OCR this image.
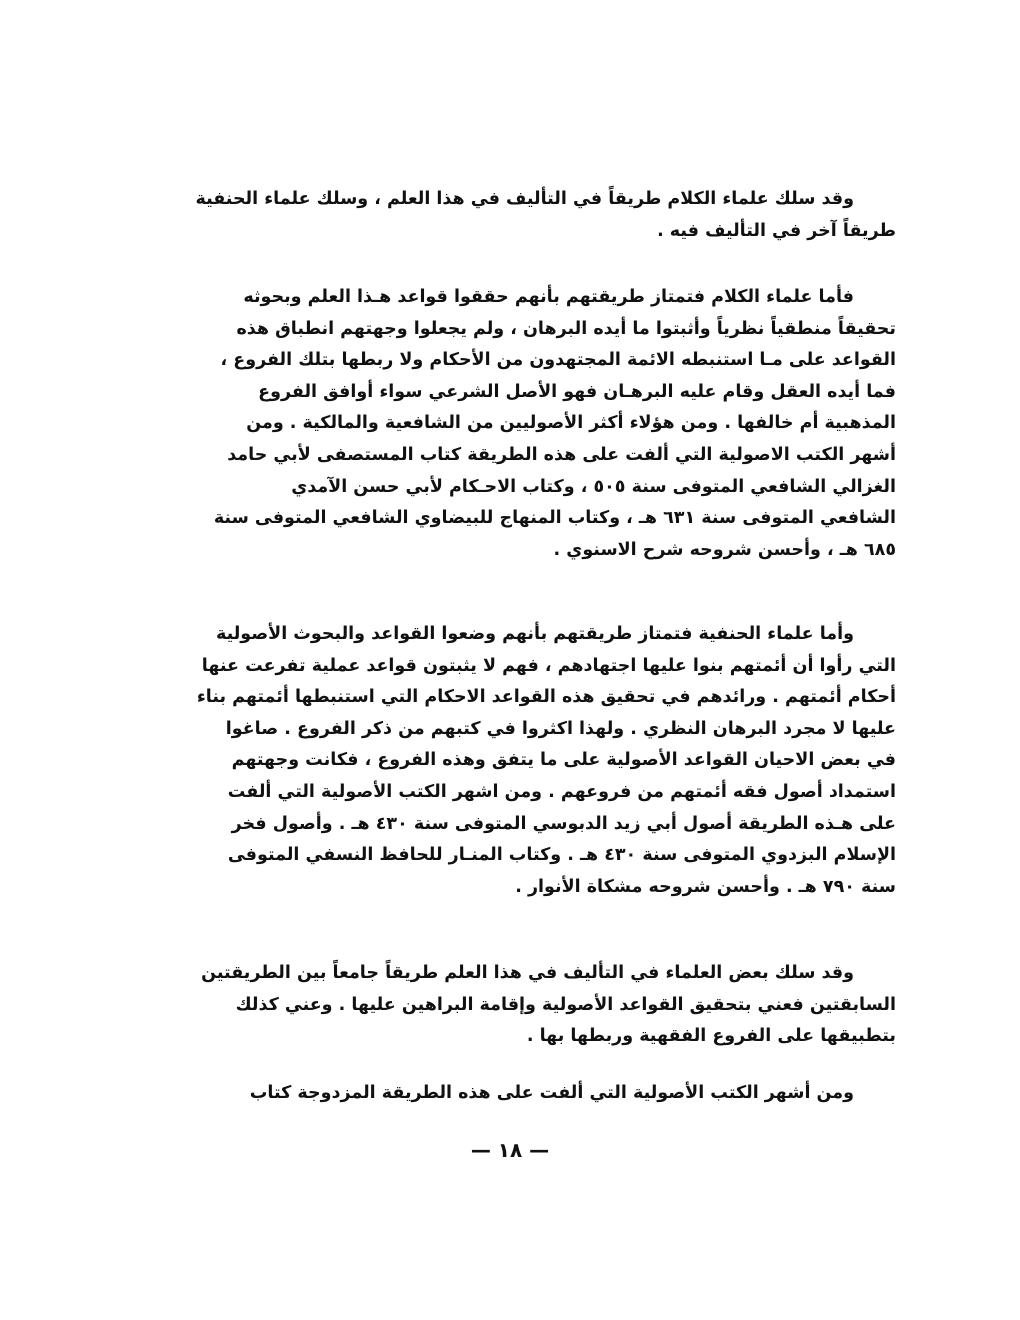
وقد سلك علماء الكلام طريقاً في التأليف في هذا العلم ، وسلك علماء الحنفية
طريقاً آخر في التأليف فيه .
فأما علماء الكلام فتمتاز طريقتهم بأنهم حققوا قواعد هـذا العلم وبحوثه
تحقيقاً منطقياً نظرياً وأثبتوا ما أيده البرهان ، ولم يجعلوا وجهتهم انطباق هذه
القواعد على مـا استنبطه الائمة المجتهدون من الأحكام ولا ربطها بتلك الفروع ،
فما أيده العقل وقام عليه البرهـان فهو الأصل الشرعي سواء أوافق الفروع
المذهبية أم خالفها . ومن هؤلاء أكثر الأصوليين من الشافعية والمالكية . ومن
أشهر الكتب الاصولية التي ألفت على هذه الطريقة كتاب المستصفى لأبي حامد
الغزالي الشافعي المتوفى سنة ٥٠٥ ، وكتاب الاحـكام لأبي حسن الآمدي
الشافعي المتوفى سنة ٦٣١ هـ ، وكتاب المنهاج للبيضاوي الشافعي المتوفى سنة
٦٨٥ هـ ، وأحسن شروحه شرح الاسنوي .
وأما علماء الحنفية فتمتاز طريقتهم بأنهم وضعوا القواعد والبحوث الأصولية
التي رأوا أن أئمتهم بنوا عليها اجتهادهم ، فهم لا يثبتون قواعد عملية تفرعت عنها
أحكام أئمتهم . ورائدهم في تحقيق هذه القواعد الاحكام التي استنبطها أئمتهم بناء
عليها لا مجرد البرهان النظري . ولهذا اكثروا في كتبهم من ذكر الفروع . صاغوا
في بعض الاحيان القواعد الأصولية على ما يتفق وهذه الفروع ، فكانت وجهتهم
استمداد أصول فقه أئمتهم من فروعهم . ومن اشهر الكتب الأصولية التي ألفت
على هـذه الطريقة أصول أبي زيد الدبوسي المتوفى سنة ٤٣٠ هـ . وأصول فخر
الإسلام البزدوي المتوفى سنة ٤٣٠ هـ . وكتاب المنـار للحافظ النسفي المتوفى
سنة ٧٩٠ هـ . وأحسن شروحه مشكاة الأنوار .
وقد سلك بعض العلماء في التأليف في هذا العلم طريقاً جامعاً بين الطريقتين
السابقتين فعني بتحقيق القواعد الأصولية وإقامة البراهين عليها . وعني كذلك
بتطبيقها على الفروع الفقهية وربطها بها .
ومن أشهر الكتب الأصولية التي ألفت على هذه الطريقة المزدوجة كتاب
— ١٨ —
